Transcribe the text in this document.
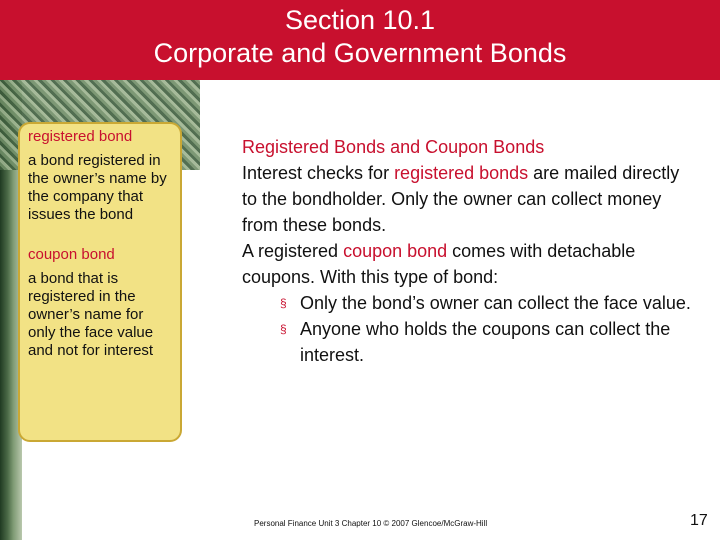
Section 10.1
Corporate and Government Bonds

registered bond

a bond registered in the owner’s name by the company that issues the bond

coupon bond

a bond that is registered in the owner’s name for only the face value and not for interest

Registered Bonds and Coupon Bonds

Interest checks for registered bonds are mailed directly to the bondholder. Only the owner can collect money from these bonds.

A registered coupon bond comes with detachable coupons. With this type of bond:

§ Only the bond’s owner can collect the face value.
§ Anyone who holds the coupons can collect the interest.
Personal Finance Unit 3 Chapter 10 © 2007 Glencoe/McGraw-Hill	17
